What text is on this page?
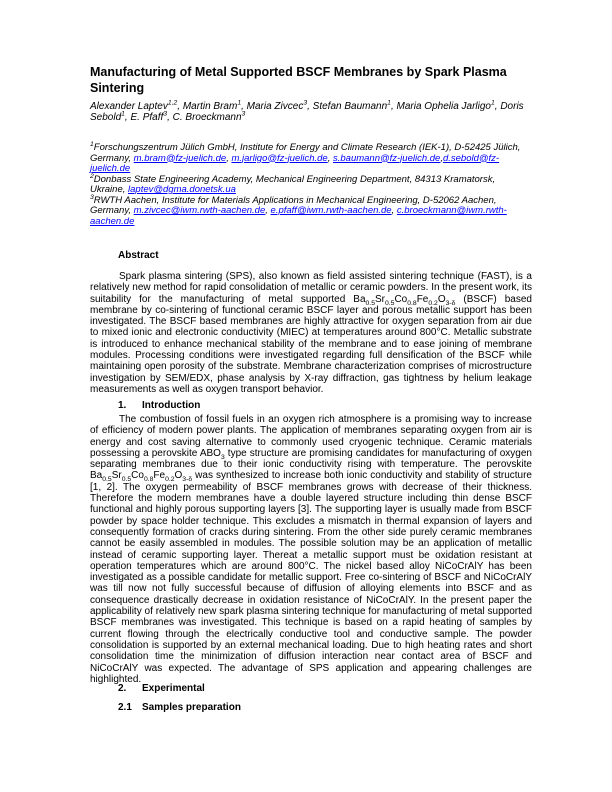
Manufacturing of Metal Supported BSCF Membranes by Spark Plasma Sintering

Alexander Laptev$^{1,2}$, Martin Bram$^1$, Maria Zivcec$^3$, Stefan Baumann$^1$, Maria Ophelia Jarligo$^1$, Doris Sebold$^1$, E. Pfaff$^3$, C. Broeckmann$^3$

$^1$Forschungszentrum Jülich GmbH, Institute for Energy and Climate Research (IEK-1), D-52425 Jülich, Germany, m.bram@fz-juelich.de, m.jarligo@fz-juelich.de, s.baumann@fz-juelich.de,d.sebold@fz-juelich.de

$^2$Donbass State Engineering Academy, Mechanical Engineering Department, 84313 Kramatorsk, Ukraine, laptev@dgma.donetsk.ua

$^3$RWTH Aachen, Institute for Materials Applications in Mechanical Engineering, D-52062 Aachen, Germany, m.zivcec@iwm.rwth-aachen.de, e.pfaff@iwm.rwth-aachen.de, c.broeckmann@iwm.rwth-aachen.de

Abstract

Spark plasma sintering (SPS), also known as field assisted sintering technique (FAST), is a relatively new method for rapid consolidation of metallic or ceramic powders. In the present work, its suitability for the manufacturing of metal supported $Ba_{0.5}Sr_{0.5}Co_{0.8}Fe_{0.2}O_{3-\delta}$ (BSCF) based membrane by co-sintering of functional ceramic BSCF layer and porous metallic support has been investigated. The BSCF based membranes are highly attractive for oxygen separation from air due to mixed ionic and electronic conductivity (MIEC) at temperatures around 800°C. Metallic substrate is introduced to enhance mechanical stability of the membrane and to ease joining of membrane modules. Processing conditions were investigated regarding full densification of the BSCF while maintaining open porosity of the substrate. Membrane characterization comprises of microstructure investigation by SEM/EDX, phase analysis by X-ray diffraction, gas tightness by helium leakage measurements as well as oxygen transport behavior.

1. Introduction

The combustion of fossil fuels in an oxygen rich atmosphere is a promising way to increase of efficiency of modern power plants. The application of membranes separating oxygen from air is energy and cost saving alternative to commonly used cryogenic technique. Ceramic materials possessing a perovskite $ABO_3$ type structure are promising candidates for manufacturing of oxygen separating membranes due to their ionic conductivity rising with temperature. The perovskite $Ba_{0.5}Sr_{0.5}Co_{0.8}Fe_{0.2}O_{3-\delta}$ was synthesized to increase both ionic conductivity and stability of structure [1, 2]. The oxygen permeability of BSCF membranes grows with decrease of their thickness. Therefore the modern membranes have a double layered structure including thin dense BSCF functional and highly porous supporting layers [3]. The supporting layer is usually made from BSCF powder by space holder technique. This excludes a mismatch in thermal expansion of layers and consequently formation of cracks during sintering. From the other side purely ceramic membranes cannot be easily assembled in modules. The possible solution may be an application of metallic instead of ceramic supporting layer. Thereat a metallic support must be oxidation resistant at operation temperatures which are around 800°C. The nickel based alloy NiCoCrAlY has been investigated as a possible candidate for metallic support. Free co-sintering of BSCF and NiCoCrAlY was till now not fully successful because of diffusion of alloying elements into BSCF and as consequence drastically decrease in oxidation resistance of NiCoCrAlY. In the present paper the applicability of relatively new spark plasma sintering technique for manufacturing of metal supported BSCF membranes was investigated. This technique is based on a rapid heating of samples by current flowing through the electrically conductive tool and conductive sample. The powder consolidation is supported by an external mechanical loading. Due to high heating rates and short consolidation time the minimization of diffusion interaction near contact area of BSCF and NiCoCrAlY was expected. The advantage of SPS application and appearing challenges are highlighted.

2. Experimental
2.1 Samples preparation
